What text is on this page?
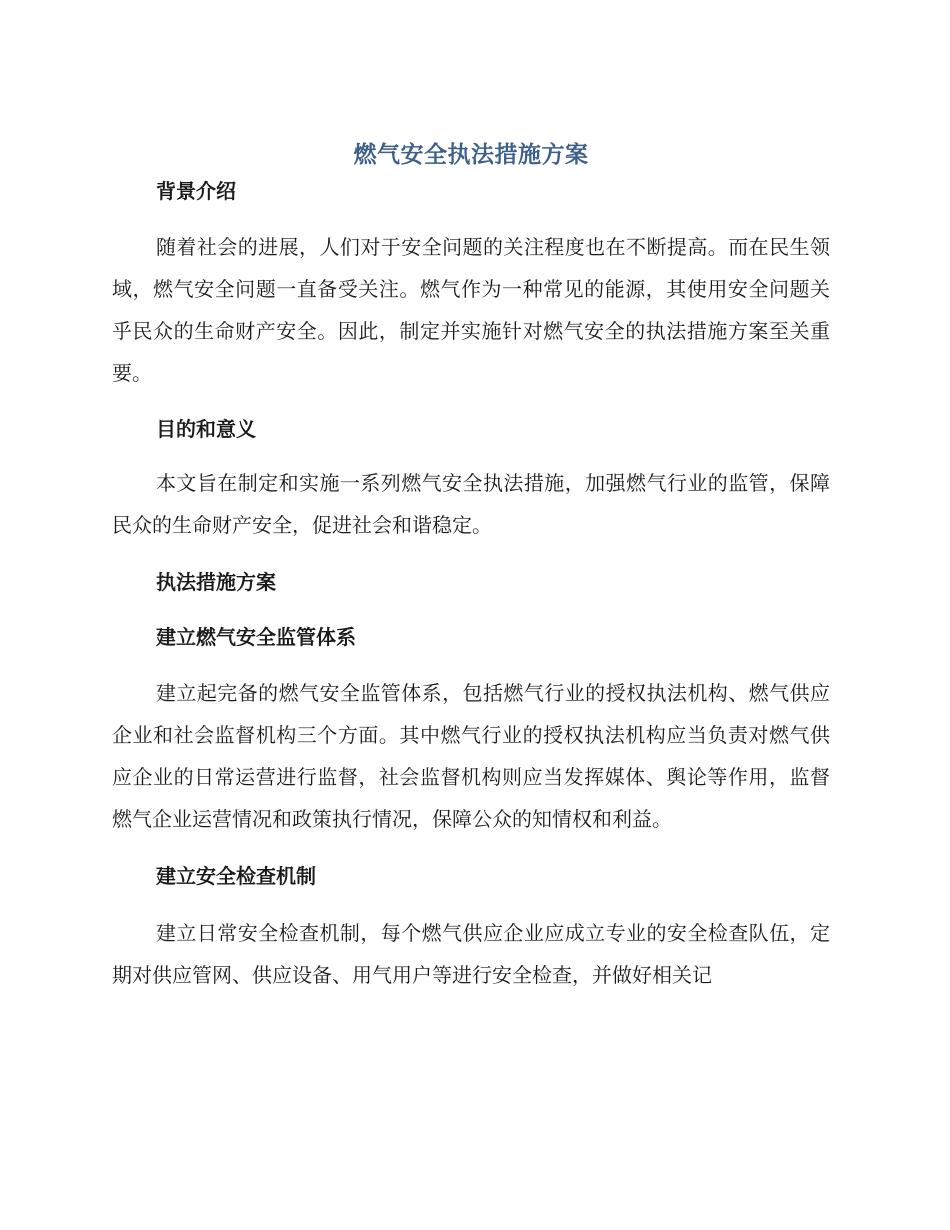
燃气安全执法措施方案
背景介绍

随着社会的进展，人们对于安全问题的关注程度也在不断提高。而在民生领域，燃气安全问题一直备受关注。燃气作为一种常见的能源，其使用安全问题关乎民众的生命财产安全。因此，制定并实施针对燃气安全的执法措施方案至关重要。

目的和意义

本文旨在制定和实施一系列燃气安全执法措施，加强燃气行业的监管，保障民众的生命财产安全，促进社会和谐稳定。

执法措施方案
建立燃气安全监管体系

建立起完备的燃气安全监管体系，包括燃气行业的授权执法机构、燃气供应企业和社会监督机构三个方面。其中燃气行业的授权执法机构应当负责对燃气供应企业的日常运营进行监督，社会监督机构则应当发挥媒体、舆论等作用，监督燃气企业运营情况和政策执行情况，保障公众的知情权和利益。

建立安全检查机制

建立日常安全检查机制，每个燃气供应企业应成立专业的安全检查队伍，定期对供应管网、供应设备、用气用户等进行安全检查，并做好相关记
